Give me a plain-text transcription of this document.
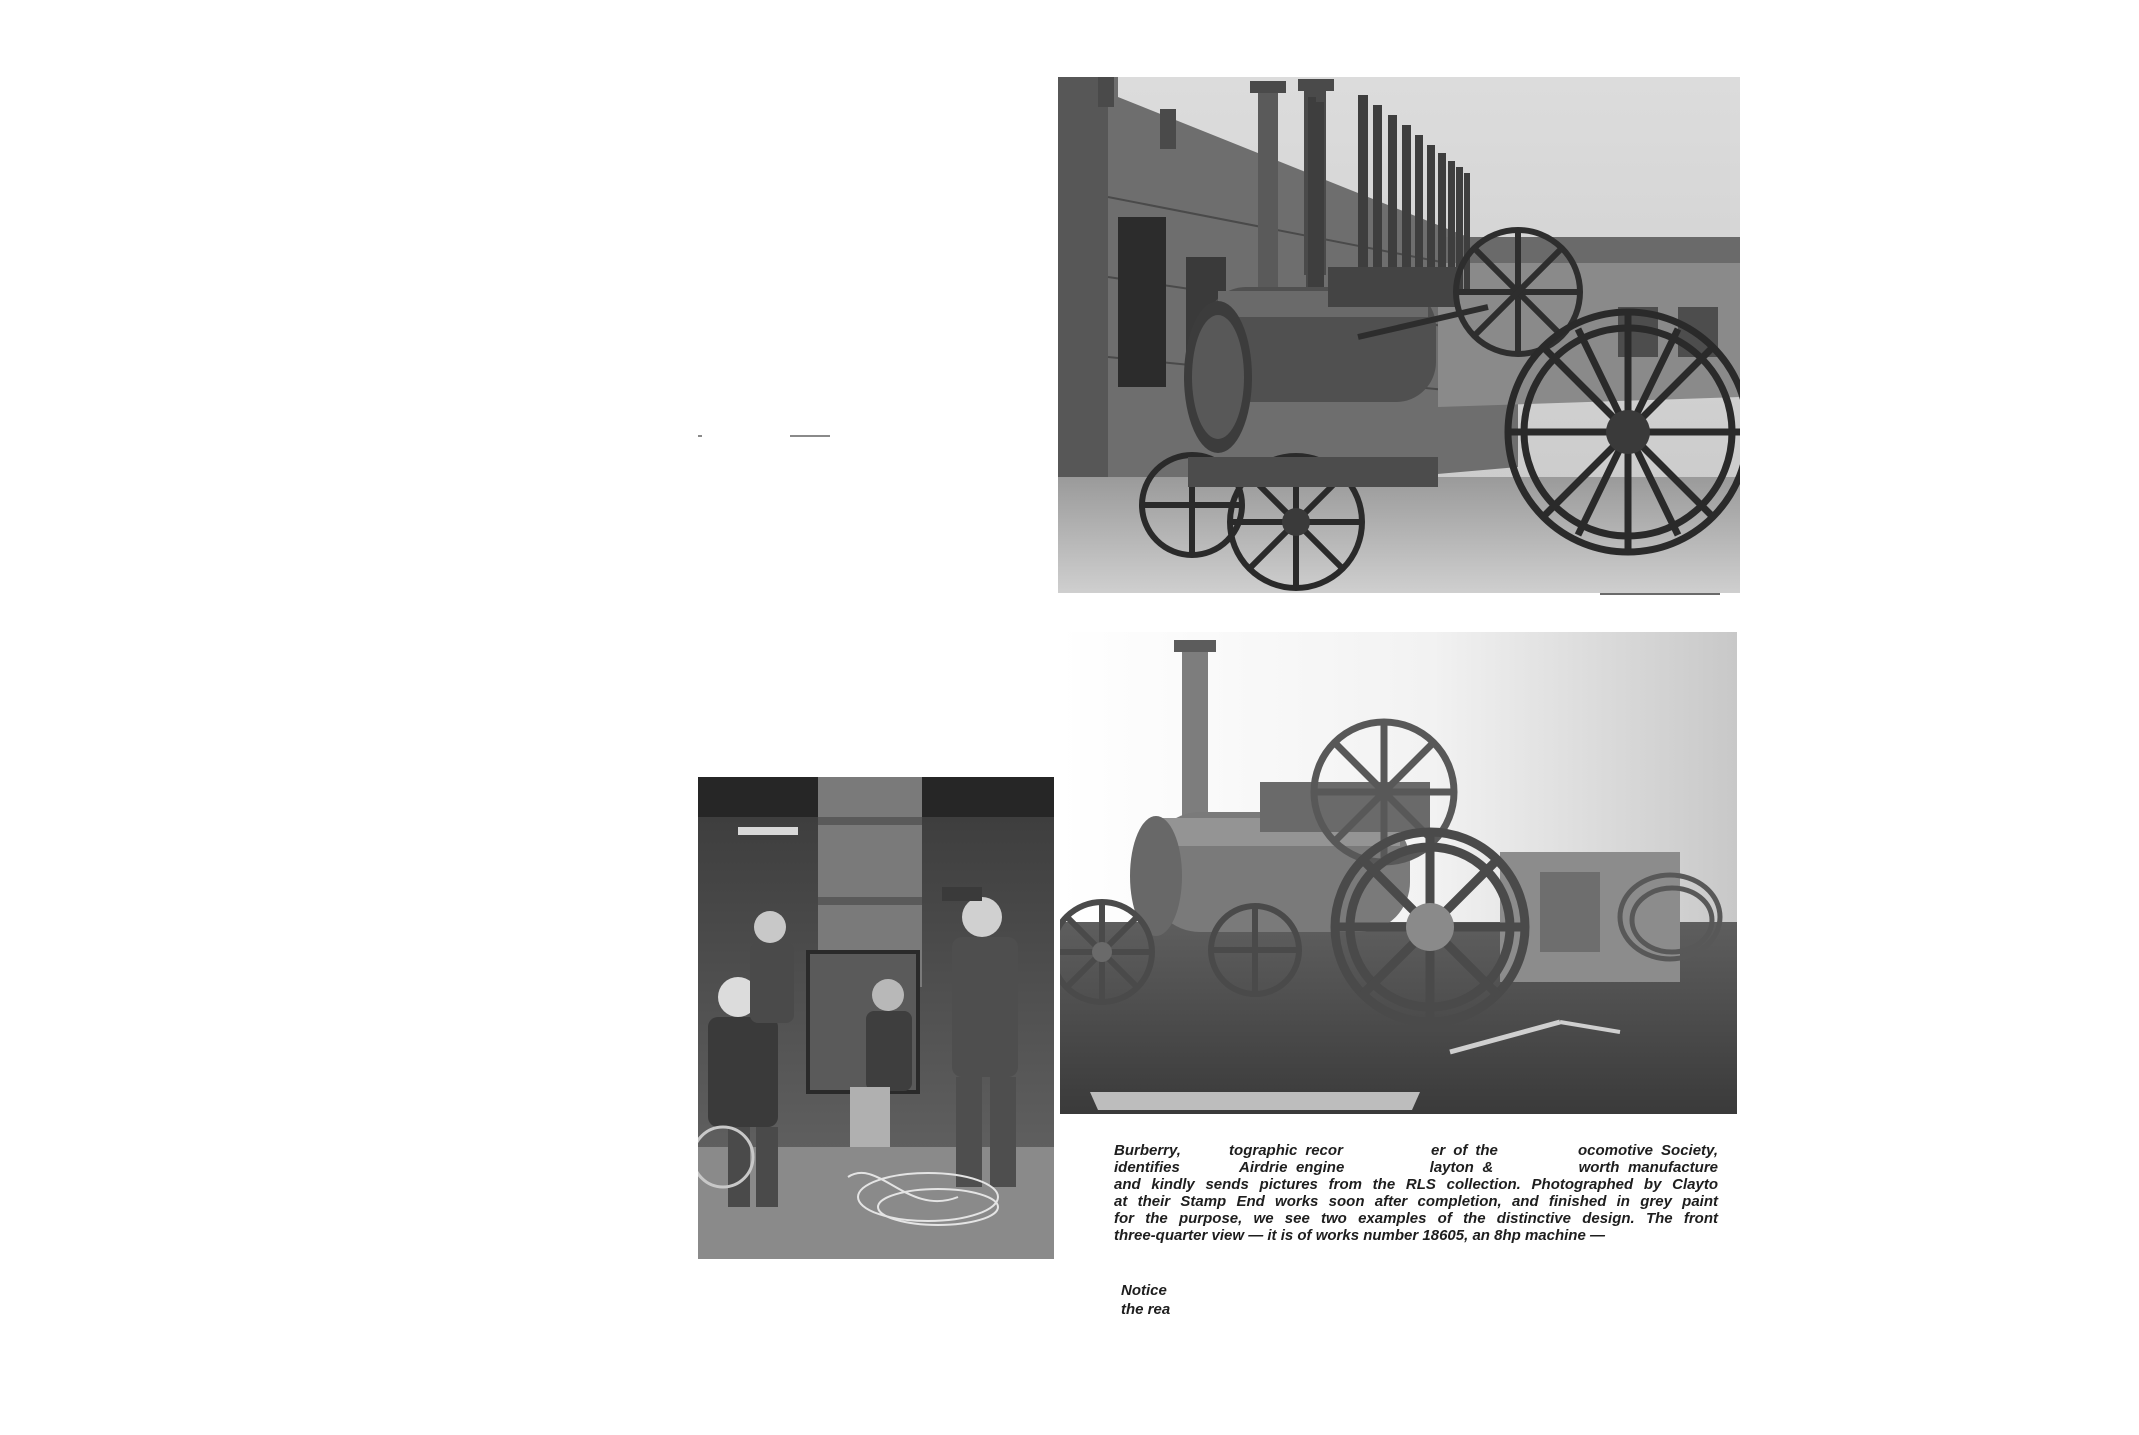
Burberry,      tographic recor           er of the          ocomotive Society,
identifies       Airdrie engine          layton &          worth manufacture
and kindly sends pictures from the RLS collection. Photographed by Clayto
at their Stamp End works soon after completion, and finished in grey paint
for the purpose, we see two examples of the distinctive design. The front
three-quarter view — it is of works number 18605, an 8hp machine —
Notice
the rea
